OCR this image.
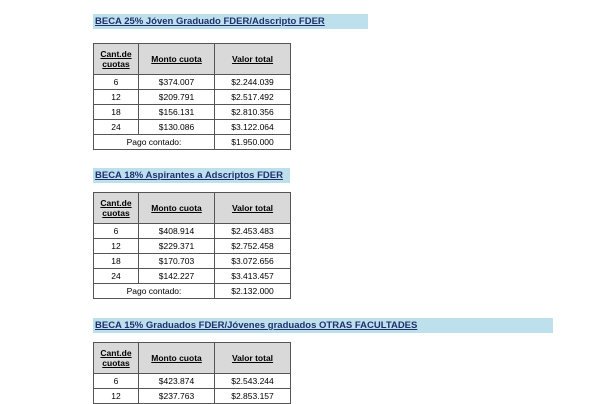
BECA 25% Jóven Graduado FDER/Adscripto FDER
Cant.de cuotas	Monto cuota	Valor total
6	$374.007	$2.244.039
12	$209.791	$2.517.492
18	$156.131	$2.810.356
24	$130.086	$3.122.064
Pago contado:		$1.950.000
BECA 18% Aspirantes a Adscriptos FDER
Cant.de cuotas	Monto cuota	Valor total
6	$408.914	$2.453.483
12	$229.371	$2.752.458
18	$170.703	$3.072.656
24	$142.227	$3.413.457
Pago contado:		$2.132.000
BECA 15% Graduados FDER/Jóvenes graduados OTRAS FACULTADES
Cant.de cuotas	Monto cuota	Valor total
6	$423.874	$2.543.244
12	$237.763	$2.853.157
